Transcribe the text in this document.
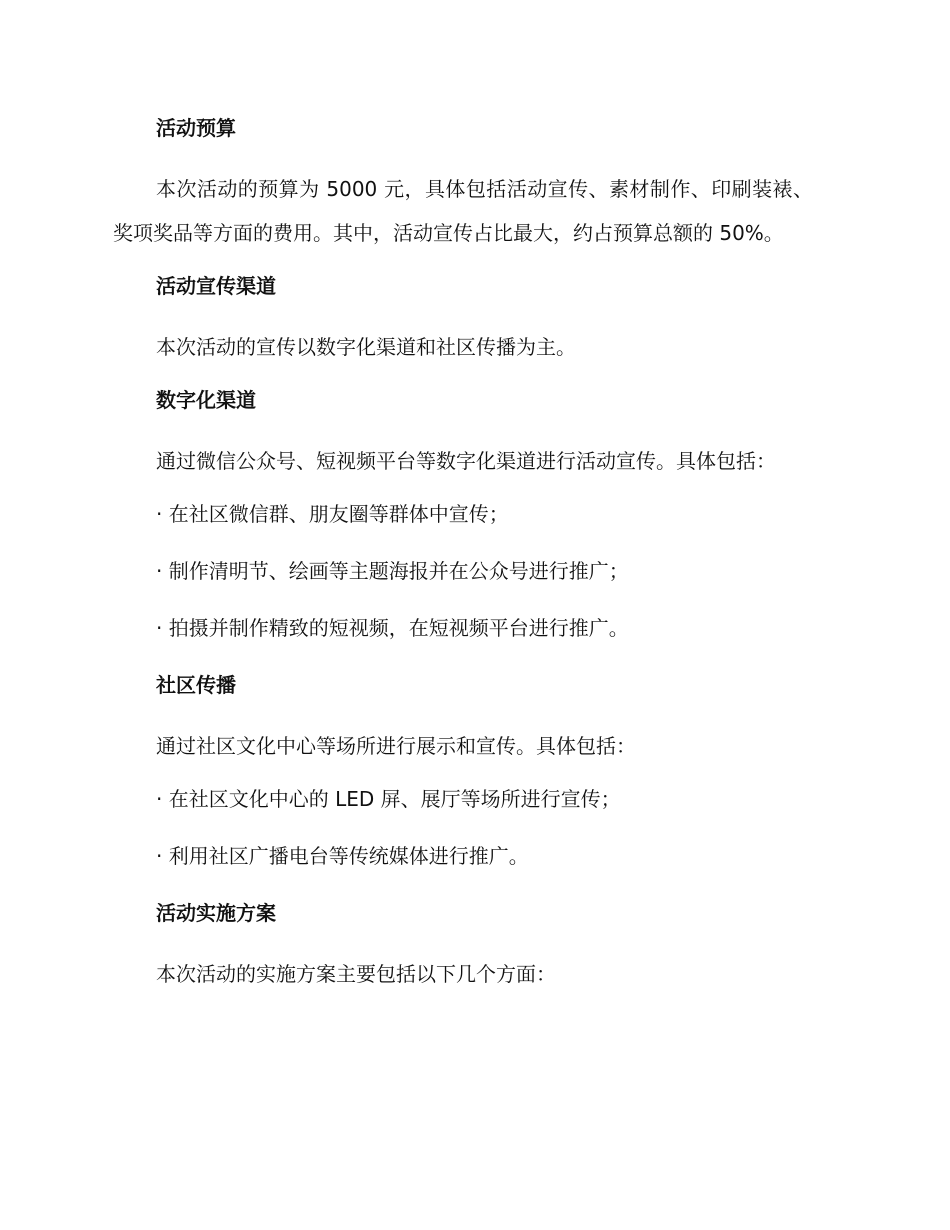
活动预算
本次活动的预算为 5000 元，具体包括活动宣传、素材制作、印刷装裱、奖项奖品等方面的费用。其中，活动宣传占比最大，约占预算总额的 50%。
活动宣传渠道
本次活动的宣传以数字化渠道和社区传播为主。
数字化渠道
通过微信公众号、短视频平台等数字化渠道进行活动宣传。具体包括：
· 在社区微信群、朋友圈等群体中宣传；
· 制作清明节、绘画等主题海报并在公众号进行推广；
· 拍摄并制作精致的短视频，在短视频平台进行推广。
社区传播
通过社区文化中心等场所进行展示和宣传。具体包括：
· 在社区文化中心的 LED 屏、展厅等场所进行宣传；
· 利用社区广播电台等传统媒体进行推广。
活动实施方案
本次活动的实施方案主要包括以下几个方面：
